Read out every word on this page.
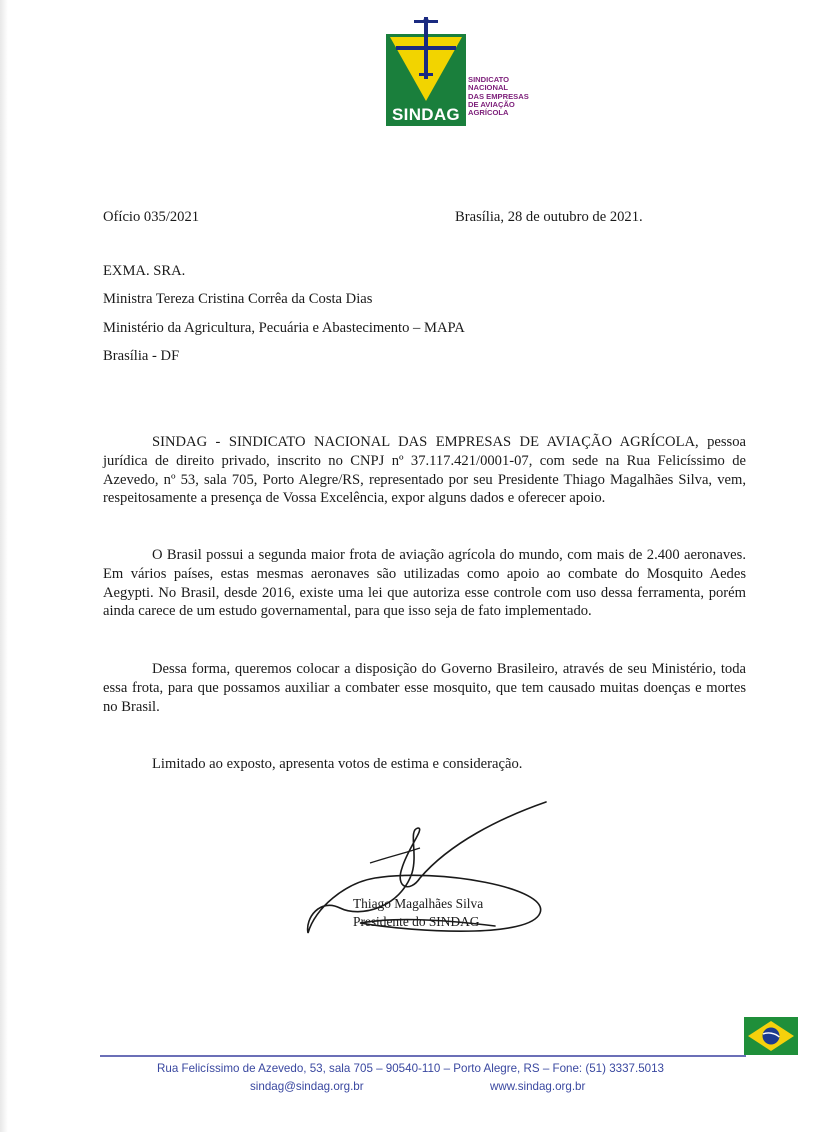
SINDAG
SINDICATO
NACIONAL
DAS EMPRESAS
DE AVIAÇÃO
AGRÍCOLA
Ofício 035/2021	Brasília, 28 de outubro de 2021.
EXMA. SRA.
Ministra Tereza Cristina Corrêa da Costa Dias
Ministério da Agricultura, Pecuária e Abastecimento – MAPA
Brasília - DF
SINDAG - SINDICATO NACIONAL DAS EMPRESAS DE AVIAÇÃO AGRÍCOLA, pessoa jurídica de direito privado, inscrito no CNPJ nº 37.117.421/0001-07, com sede na Rua Felicíssimo de Azevedo, nº 53, sala 705, Porto Alegre/RS, representado por seu Presidente Thiago Magalhães Silva, vem, respeitosamente a presença de Vossa Excelência, expor alguns dados e oferecer apoio.
O Brasil possui a segunda maior frota de aviação agrícola do mundo, com mais de 2.400 aeronaves. Em vários países, estas mesmas aeronaves são utilizadas como apoio ao combate do Mosquito Aedes Aegypti. No Brasil, desde 2016, existe uma lei que autoriza esse controle com uso dessa ferramenta, porém ainda carece de um estudo governamental, para que isso seja de fato implementado.
Dessa forma, queremos colocar a disposição do Governo Brasileiro, através de seu Ministério, toda essa frota, para que possamos auxiliar a combater esse mosquito, que tem causado muitas doenças e mortes no Brasil.
Limitado ao exposto, apresenta votos de estima e consideração.
Thiago Magalhães Silva
Presidente do SINDAG
Rua Felicíssimo de Azevedo, 53, sala 705 – 90540-110 – Porto Alegre, RS – Fone: (51) 3337.5013
sindag@sindag.org.br	www.sindag.org.br
